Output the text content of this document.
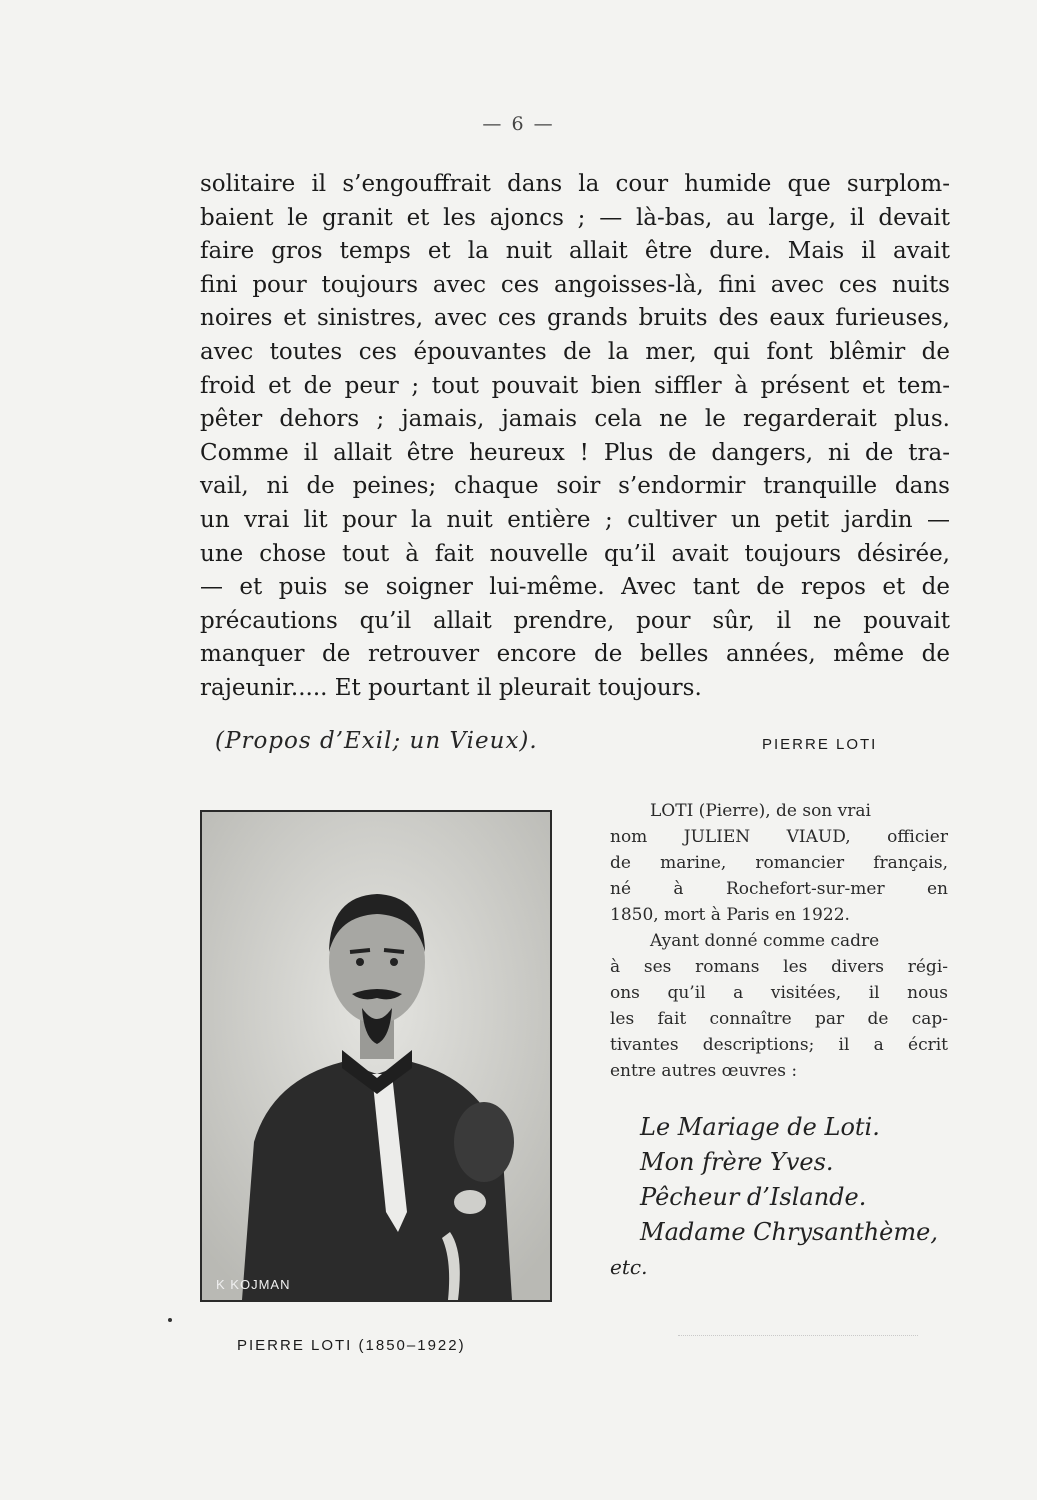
— 6 —
solitaire il s’engouffrait dans la cour humide que surplom-
baient le granit et les ajoncs ; — là-bas, au large, il devait
faire gros temps et la nuit allait être dure. Mais il avait
fini pour toujours avec ces angoisses-là, fini avec ces nuits
noires et sinistres, avec ces grands bruits des eaux furieuses,
avec toutes ces épouvantes de la mer, qui font blêmir de
froid et de peur ; tout pouvait bien siffler à présent et tem-
pêter dehors ; jamais, jamais cela ne le regarderait plus.
Comme il allait être heureux ! Plus de dangers, ni de tra-
vail, ni de peines; chaque soir s’endormir tranquille dans
un vrai lit pour la nuit entière ; cultiver un petit jardin —
une chose tout à fait nouvelle qu’il avait toujours désirée,
— et puis se soigner lui-même. Avec tant de repos et de
précautions qu’il allait prendre, pour sûr, il ne pouvait
manquer de retrouver encore de belles années, même de
rajeunir..... Et pourtant il pleurait toujours.
(Propos d’Exil; un Vieux).	PIERRE LOTI
K KOJMAN
PIERRE LOTI (1850–1922)
LOTI (Pierre), de son vrai
nom JULIEN VIAUD, officier
de marine, romancier français,
né à Rochefort-sur-mer en
1850, mort à Paris en 1922.
Ayant donné comme cadre
à ses romans les divers régi-
ons qu’il a visitées, il nous
les fait connaître par de cap-
tivantes descriptions; il a écrit
entre autres œuvres :
Le Mariage de Loti.
Mon frère Yves.
Pêcheur d’Islande.
Madame Chrysanthème,
etc.
